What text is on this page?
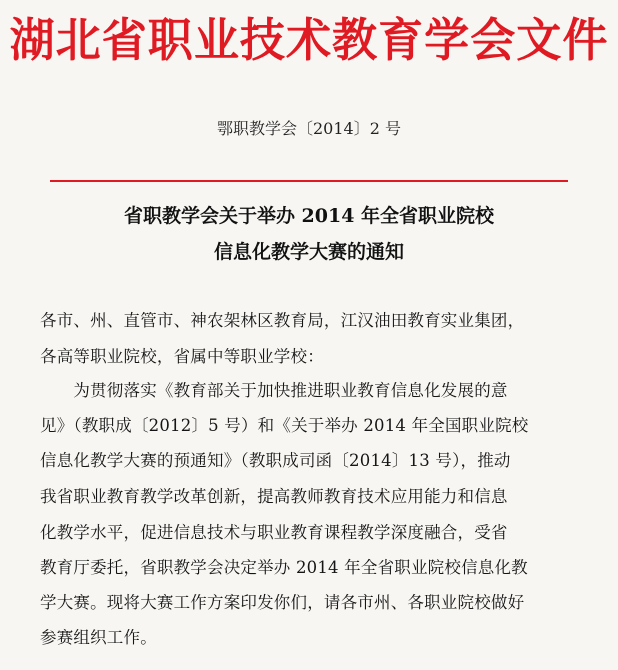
湖北省职业技术教育学会文件
鄂职教学会〔2014〕2 号
省职教学会关于举办 2014 年全省职业院校
信息化教学大赛的通知
各市、州、直管市、神农架林区教育局，江汉油田教育实业集团，
各高等职业院校，省属中等职业学校：
　　为贯彻落实《教育部关于加快推进职业教育信息化发展的意
见》（教职成〔2012〕5 号）和《关于举办 2014 年全国职业院校
信息化教学大赛的预通知》（教职成司函〔2014〕13 号），推动
我省职业教育教学改革创新，提高教师教育技术应用能力和信息
化教学水平，促进信息技术与职业教育课程教学深度融合，受省
教育厅委托，省职教学会决定举办 2014 年全省职业院校信息化教
学大赛。现将大赛工作方案印发你们，请各市州、各职业院校做好
参赛组织工作。
